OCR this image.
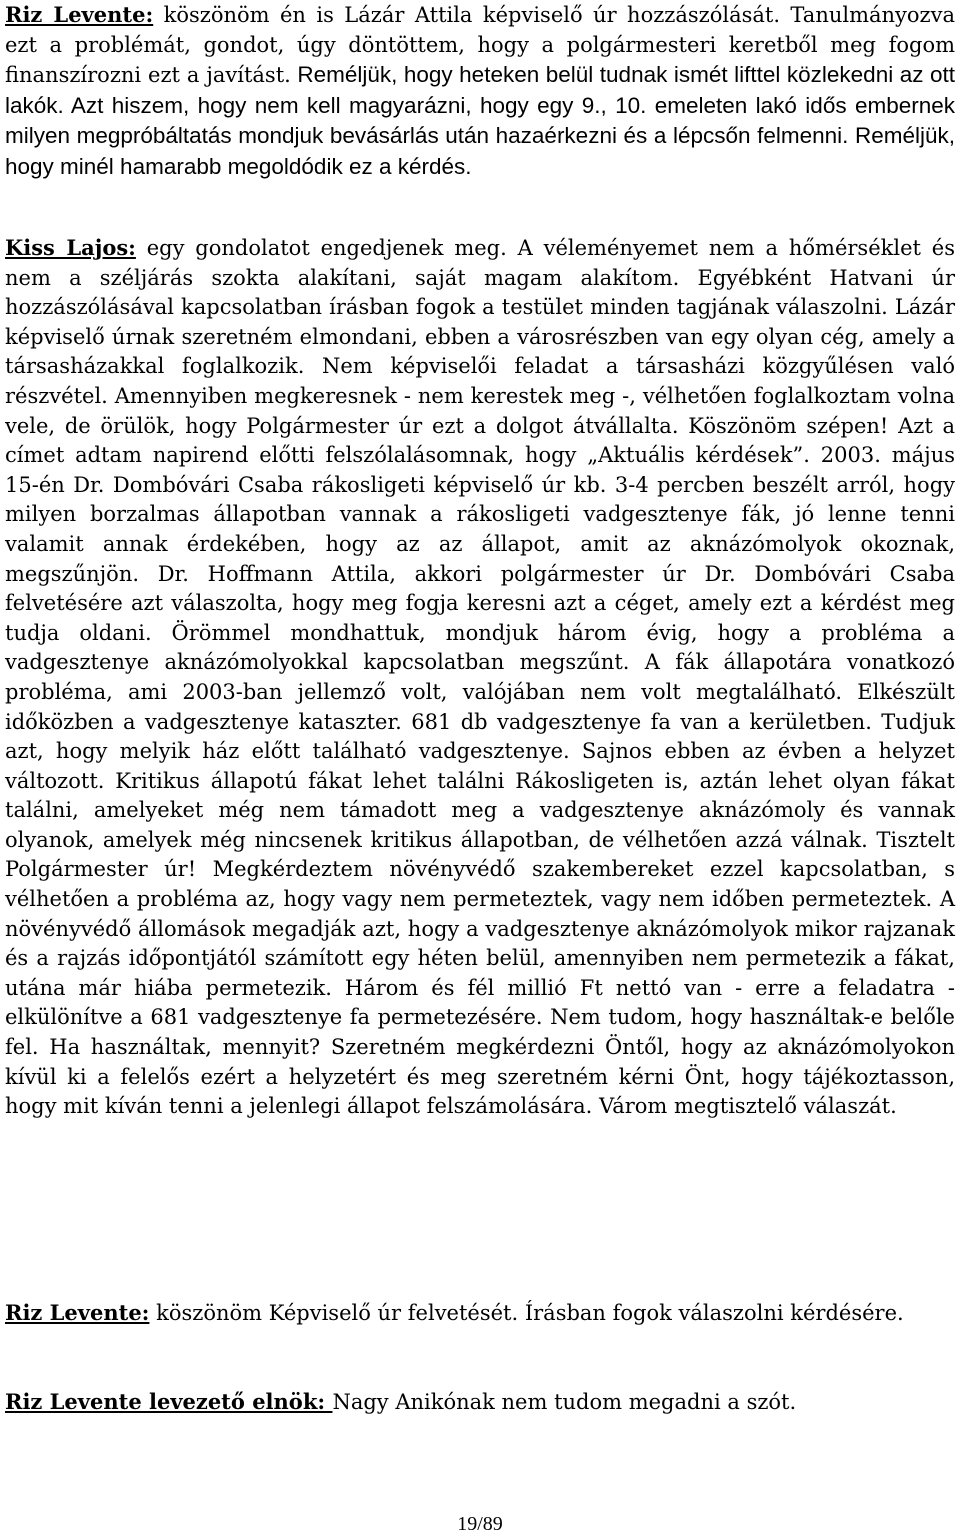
Riz Levente: köszönöm én is Lázár Attila képviselő úr hozzászólását. Tanulmányozva ezt a problémát, gondot, úgy döntöttem, hogy a polgármesteri keretből meg fogom finanszírozni ezt a javítást. Reméljük, hogy heteken belül tudnak ismét lifttel közlekedni az ott lakók. Azt hiszem, hogy nem kell magyarázni, hogy egy 9., 10. emeleten lakó idős embernek milyen megpróbáltatás mondjuk bevásárlás után hazaérkezni és a lépcsőn felmenni. Reméljük, hogy minél hamarabb megoldódik ez a kérdés.

Kiss Lajos: egy gondolatot engedjenek meg. A véleményemet nem a hőmérséklet és nem a széljárás szokta alakítani, saját magam alakítom. Egyébként Hatvani úr hozzászólásával kapcsolatban írásban fogok a testület minden tagjának válaszolni. Lázár képviselő úrnak szeretném elmondani, ebben a városrészben van egy olyan cég, amely a társasházakkal foglalkozik. Nem képviselői feladat a társasházi közgyűlésen való részvétel. Amennyiben megkeresnek - nem kerestek meg -, vélhetően foglalkoztam volna vele, de örülök, hogy Polgármester úr ezt a dolgot átvállalta. Köszönöm szépen! Azt a címet adtam napirend előtti felszólalásomnak, hogy „Aktuális kérdések”. 2003. május 15-én Dr. Dombóvári Csaba rákosligeti képviselő úr kb. 3-4 percben beszélt arról, hogy milyen borzalmas állapotban vannak a rákosligeti vadgesztenye fák, jó lenne tenni valamit annak érdekében, hogy az az állapot, amit az aknázómolyok okoznak, megszűnjön. Dr. Hoffmann Attila, akkori polgármester úr Dr. Dombóvári Csaba felvetésére azt válaszolta, hogy meg fogja keresni azt a céget, amely ezt a kérdést meg tudja oldani. Örömmel mondhattuk, mondjuk három évig, hogy a probléma a vadgesztenye aknázómolyokkal kapcsolatban megszűnt. A fák állapotára vonatkozó probléma, ami 2003-ban jellemző volt, valójában nem volt megtalálható. Elkészült időközben a vadgesztenye kataszter. 681 db vadgesztenye fa van a kerületben. Tudjuk azt, hogy melyik ház előtt található vadgesztenye. Sajnos ebben az évben a helyzet változott. Kritikus állapotú fákat lehet találni Rákosligeten is, aztán lehet olyan fákat találni, amelyeket még nem támadott meg a vadgesztenye aknázómoly és vannak olyanok, amelyek még nincsenek kritikus állapotban, de vélhetően azzá válnak. Tisztelt Polgármester úr! Megkérdeztem növényvédő szakembereket ezzel kapcsolatban, s vélhetően a probléma az, hogy vagy nem permeteztek, vagy nem időben permeteztek. A növényvédő állomások megadják azt, hogy a vadgesztenye aknázómolyok mikor rajzanak és a rajzás időpontjától számított egy héten belül, amennyiben nem permetezik a fákat, utána már hiába permetezik. Három és fél millió Ft nettó van - erre a feladatra - elkülönítve a 681 vadgesztenye fa permetezésére. Nem tudom, hogy használtak-e belőle fel. Ha használtak, mennyit? Szeretném megkérdezni Öntől, hogy az aknázómolyokon kívül ki a felelős ezért a helyzetért és meg szeretném kérni Önt, hogy tájékoztasson, hogy mit kíván tenni a jelenlegi állapot felszámolására. Várom megtisztelő válaszát.

Riz Levente: köszönöm Képviselő úr felvetését. Írásban fogok válaszolni kérdésére.

Riz Levente levezető elnök: Nagy Anikónak nem tudom megadni a szót.

19/89
